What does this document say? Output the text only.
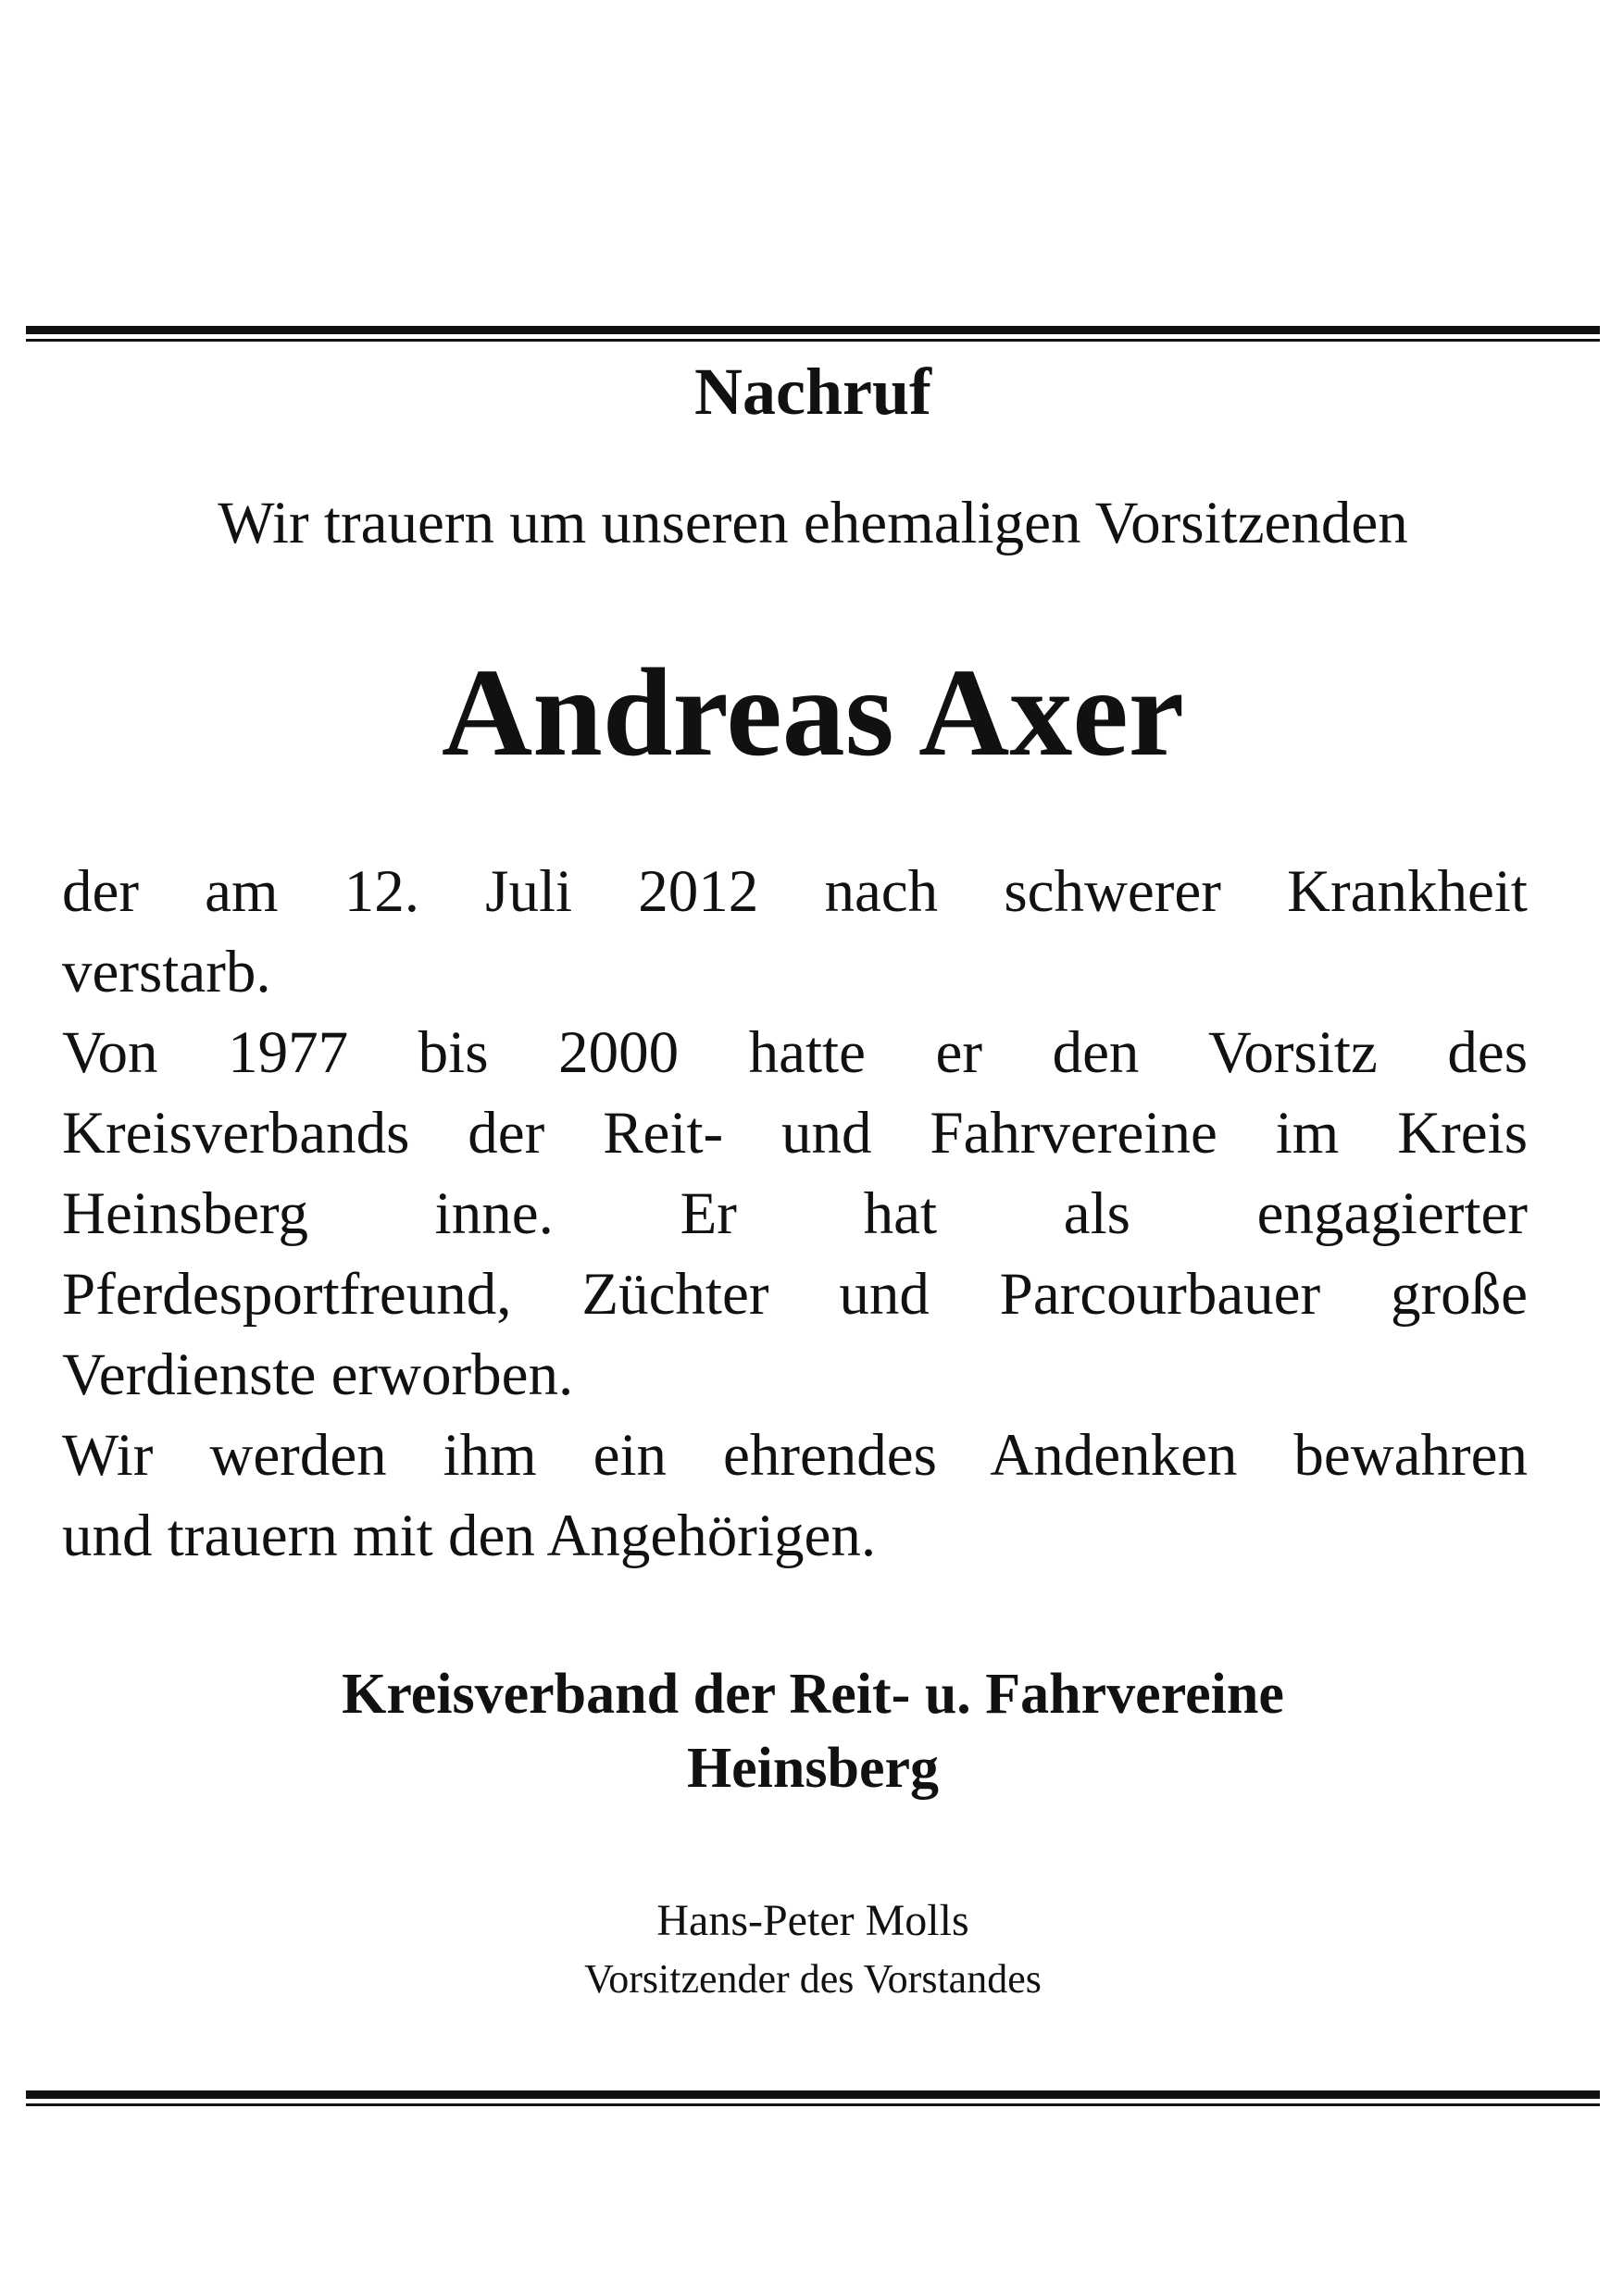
Nachruf
Wir trauern um unseren ehemaligen Vorsitzenden
Andreas Axer
der am 12. Juli 2012 nach schwerer Krankheit
verstarb.
Von 1977 bis 2000 hatte er den Vorsitz des
Kreisverbands der Reit- und Fahrvereine im Kreis
Heinsberg inne. Er hat als engagierter
Pferdesportfreund, Züchter und Parcourbauer große
Verdienste erworben.
Wir werden ihm ein ehrendes Andenken bewahren
und trauern mit den Angehörigen.
Kreisverband der Reit- u. Fahrvereine
Heinsberg
Hans-Peter Molls
Vorsitzender des Vorstandes
